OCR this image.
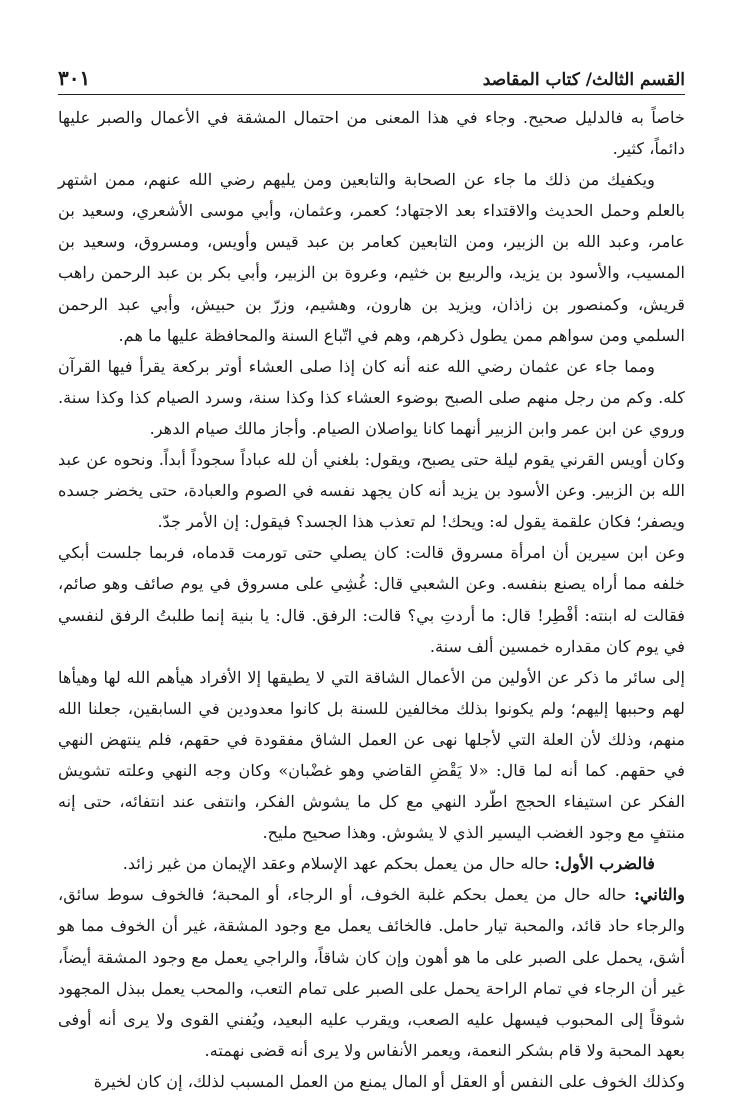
القسم الثالث/ كتاب المقاصد
٣٠١

خاصاً به فالدليل صحيح. وجاء في هذا المعنى من احتمال المشقة في الأعمال والصبر عليها دائماً، كثير.

ويكفيك من ذلك ما جاء عن الصحابة والتابعين ومن يليهم رضي الله عنهم، ممن اشتهر بالعلم وحمل الحديث والاقتداء بعد الاجتهاد؛ كعمر، وعثمان، وأبي موسى الأشعري، وسعيد بن عامر، وعبد الله بن الزبير، ومن التابعين كعامر بن عبد قيس وأويس، ومسروق، وسعيد بن المسيب، والأسود بن يزيد، والربيع بن خثيم، وعروة بن الزبير، وأبي بكر بن عبد الرحمن راهب قريش، وكمنصور بن زاذان، ويزيد بن هارون، وهشيم، وزرّ بن حبيش، وأبي عبد الرحمن السلمي ومن سواهم ممن يطول ذكرهم، وهم في اتّباع السنة والمحافظة عليها ما هم.

ومما جاء عن عثمان رضي الله عنه أنه كان إذا صلى العشاء أوتر بركعة يقرأ فيها القرآن كله. وكم من رجل منهم صلى الصبح بوضوء العشاء كذا وكذا سنة، وسرد الصيام كذا وكذا سنة. وروي عن ابن عمر وابن الزبير أنهما كانا يواصلان الصيام. وأجاز مالك صيام الدهر.

وكان أويس القرني يقوم ليلة حتى يصبح، ويقول: بلغني أن لله عباداً سجوداً أبداً. ونحوه عن عبد الله بن الزبير. وعن الأسود بن يزيد أنه كان يجهد نفسه في الصوم والعبادة، حتى يخضر جسده ويصفر؛ فكان علقمة يقول له: ويحك! لم تعذب هذا الجسد؟ فيقول: إن الأمر جدّ.

وعن ابن سيرين أن امرأة مسروق قالت: كان يصلي حتى تورمت قدماه، فربما جلست أبكي خلفه مما أراه يصنع بنفسه. وعن الشعبي قال: غُشِي على مسروق في يوم صائف وهو صائم، فقالت له ابنته: أفْطِر! قال: ما أردتِ بي؟ قالت: الرفق. قال: يا بنية إنما طلبتُ الرفق لنفسي في يوم كان مقداره خمسين ألف سنة.

إلى سائر ما ذكر عن الأولين من الأعمال الشاقة التي لا يطيقها إلا الأفراد هيأهم الله لها وهيأها لهم وحببها إليهم؛ ولم يكونوا بذلك مخالفين للسنة بل كانوا معدودين في السابقين، جعلنا الله منهم، وذلك لأن العلة التي لأجلها نهى عن العمل الشاق مفقودة في حقهم، فلم ينتهض النهي في حقهم. كما أنه لما قال: «لا يَقْضِ القاضي وهو غضْبان» وكان وجه النهي وعلته تشويش الفكر عن استيفاء الحجج اطّرد النهي مع كل ما يشوش الفكر، وانتفى عند انتفائه، حتى إنه منتفٍ مع وجود الغضب اليسير الذي لا يشوش. وهذا صحيح مليح.

فالضرب الأول: حاله حال من يعمل بحكم عهد الإسلام وعقد الإيمان من غير زائد.

والثاني: حاله حال من يعمل بحكم غلبة الخوف، أو الرجاء، أو المحبة؛ فالخوف سوط سائق، والرجاء حاد قائد، والمحبة تيار حامل. فالخائف يعمل مع وجود المشقة، غير أن الخوف مما هو أشق، يحمل على الصبر على ما هو أهون وإن كان شاقاً، والراجي يعمل مع وجود المشقة أيضاً، غير أن الرجاء في تمام الراحة يحمل على الصبر على تمام التعب، والمحب يعمل ببذل المجهود شوقاً إلى المحبوب فيسهل عليه الصعب، ويقرب عليه البعيد، ويُفني القوى ولا يرى أنه أوفى بعهد المحبة ولا قام بشكر النعمة، ويعمر الأنفاس ولا يرى أنه قضى نهمته.

وكذلك الخوف على النفس أو العقل أو المال يمنع من العمل المسبب لذلك، إن كان لخيرة
